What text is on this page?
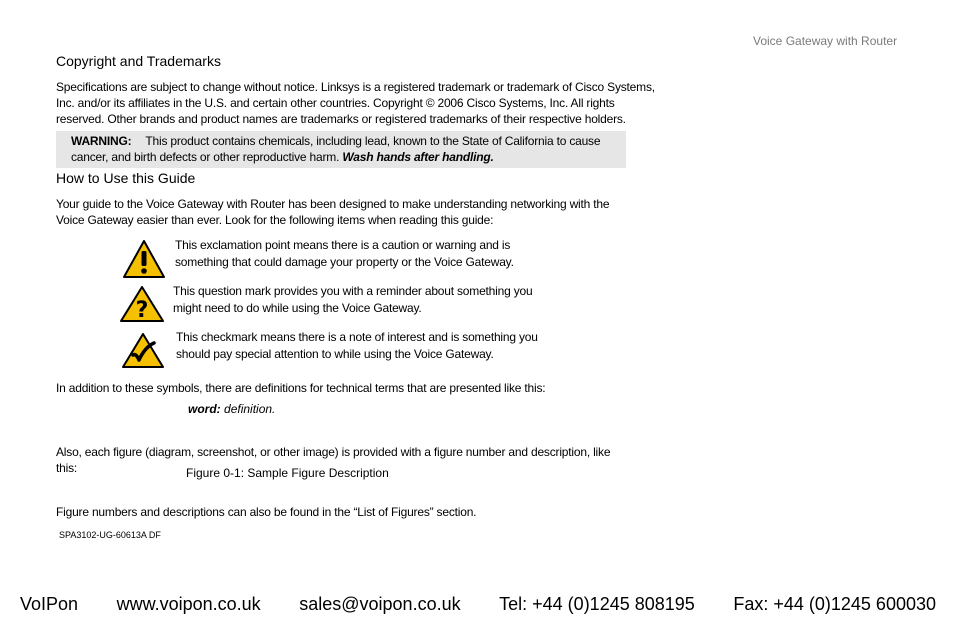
Voice Gateway with Router
Copyright and Trademarks
Specifications are subject to change without notice. Linksys is a registered trademark or trademark of Cisco Systems,
Inc. and/or its affiliates in the U.S. and certain other countries. Copyright © 2006 Cisco Systems, Inc. All rights
reserved. Other brands and product names are trademarks or registered trademarks of their respective holders.
WARNING: This product contains chemicals, including lead, known to the State of California to cause
cancer, and birth defects or other reproductive harm. Wash hands after handling.
How to Use this Guide
Your guide to the Voice Gateway with Router has been designed to make understanding networking with the
Voice Gateway easier than ever. Look for the following items when reading this guide:
This exclamation point means there is a caution or warning and is
something that could damage your property or the Voice Gateway.
?
This question mark provides you with a reminder about something you
might need to do while using the Voice Gateway.
This checkmark means there is a note of interest and is something you
should pay special attention to while using the Voice Gateway.
In addition to these symbols, there are definitions for technical terms that are presented like this:
word: definition.
Also, each figure (diagram, screenshot, or other image) is provided with a figure number and description, like
this:	Figure 0-1: Sample Figure Description
Figure numbers and descriptions can also be found in the “List of Figures” section.
SPA3102-UG-60613A DF
VoIPon www.voipon.co.uk sales@voipon.co.uk Tel: +44 (0)1245 808195 Fax: +44 (0)1245 600030
